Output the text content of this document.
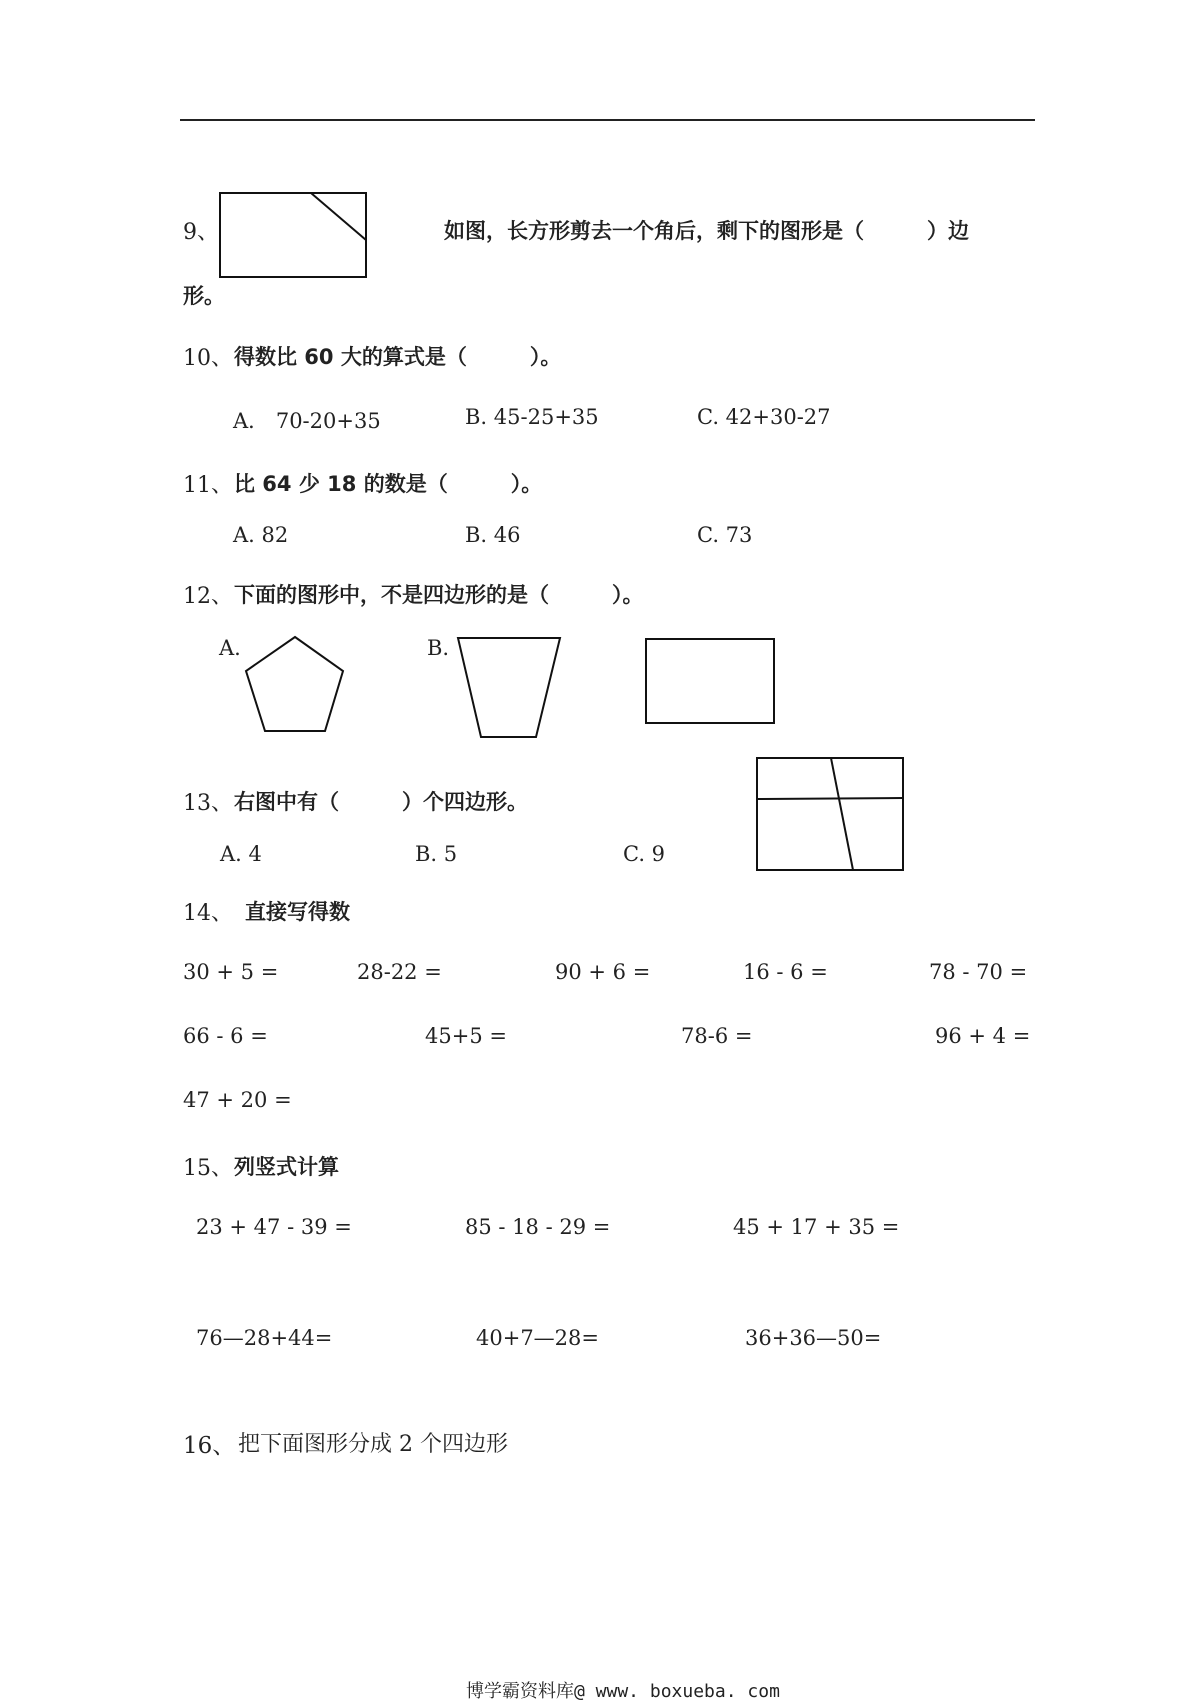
9、	如图，长方形剪去一个角后，剩下的图形是（　　　）边
形。
10、 得数比 60 大的算式是（　　　）。
A． 70-20+35	B. 45-25+35	C. 42+30-27
11、 比 64 少 18 的数是（　　　）。
A. 82	B. 46	C. 73
12、 下面的图形中，不是四边形的是（　　　）。
A.	B.
13、 右图中有（　　　）个四边形。
A. 4	B. 5	C. 9
14、 直接写得数
30 + 5 =	28-22 =	90 + 6 =	16 - 6 =	78 - 70 =
66 - 6 =	45+5 =	78-6 =	96 + 4 =
47 + 20 =
15、 列竖式计算
23 + 47 - 39 =	85 - 18 - 29 =	45 + 17 + 35 =
76—28+44=	40+7—28=	36+36—50=
16、 把下面图形分成 2 个四边形
博学霸资料库@ www. boxueba. com
